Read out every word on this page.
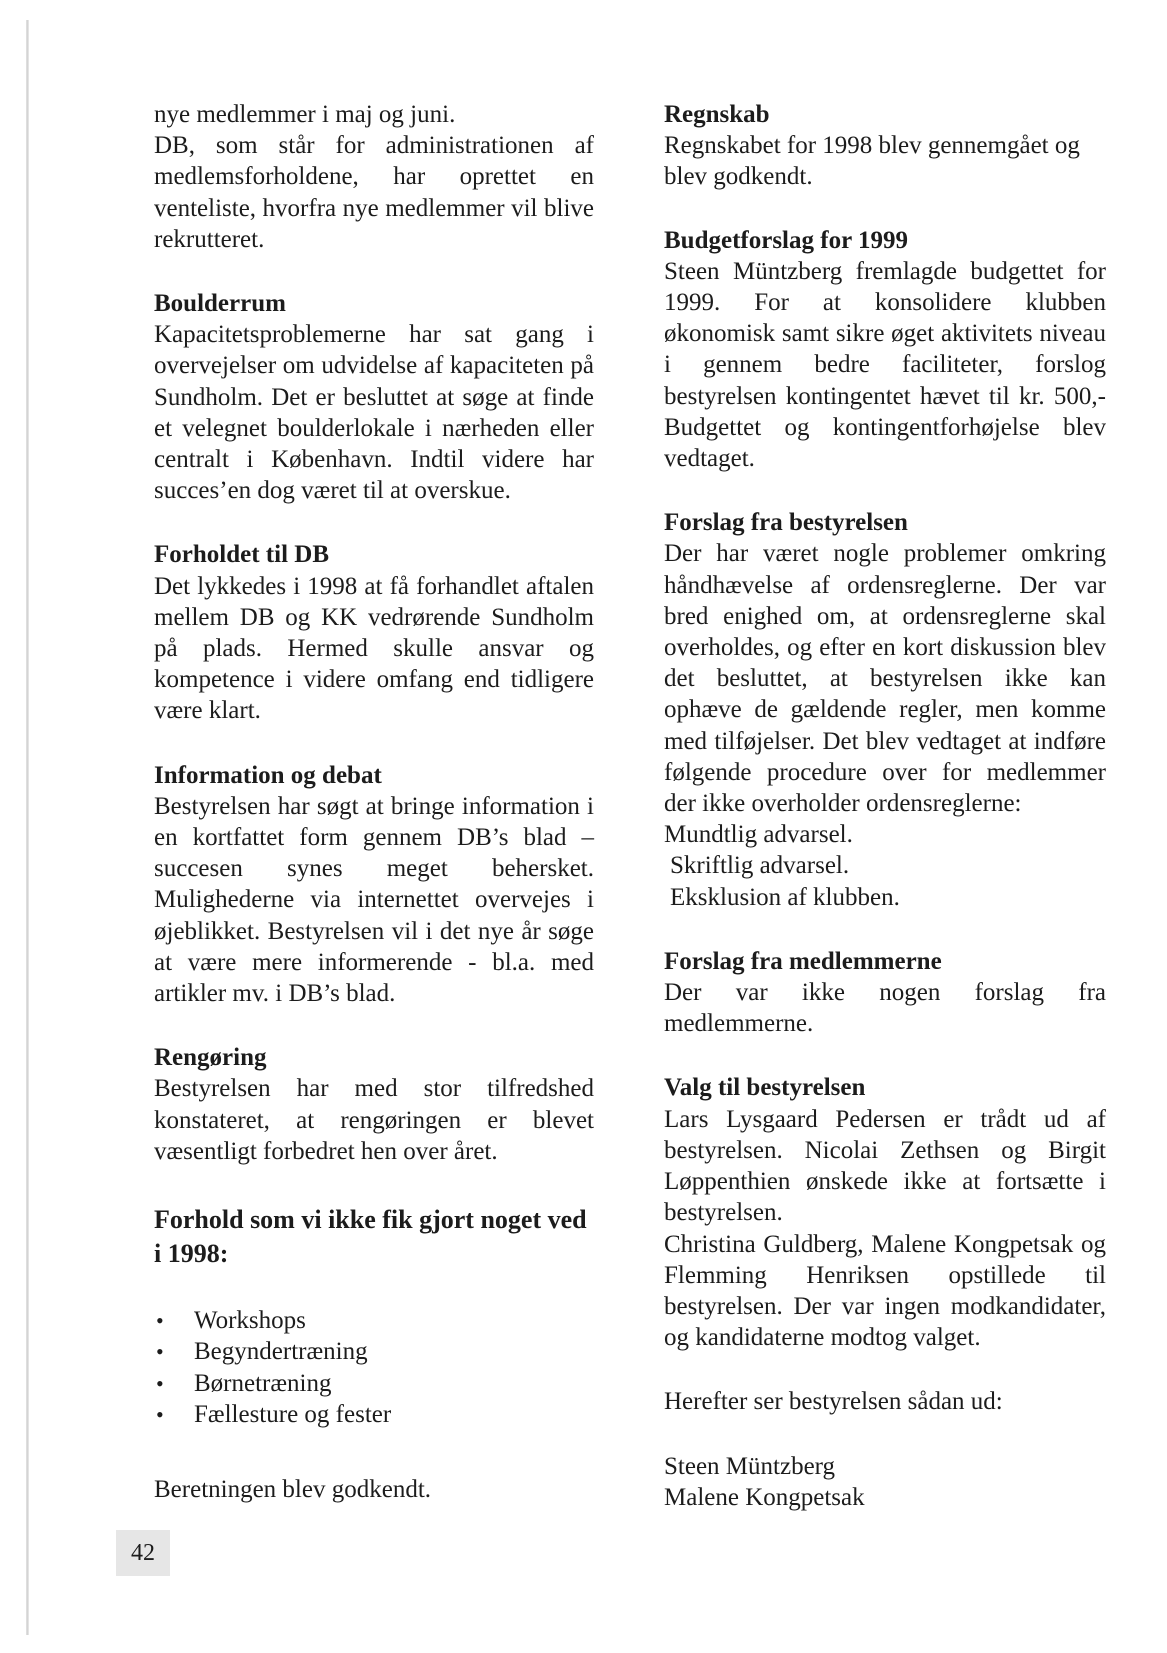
nye medlemmer i maj og juni.

DB, som står for administrationen af medlemsforholdene, har oprettet en venteliste, hvorfra nye medlemmer vil blive rekrutteret.

Boulderrum

Kapacitetsproblemerne har sat gang i overvejelser om udvidelse af kapaciteten på Sundholm. Det er besluttet at søge at finde et velegnet boulderlokale i nærheden eller centralt i København. Indtil videre har succes’en dog været til at overskue.

Forholdet til DB

Det lykkedes i 1998 at få forhandlet aftalen mellem DB og KK vedrørende Sundholm på plads. Hermed skulle ansvar og kompetence i videre omfang end tidligere være klart.

Information og debat

Bestyrelsen har søgt at bringe information i en kortfattet form gennem DB’s blad – succesen synes meget behersket. Mulighederne via internettet overvejes i øjeblikket. Bestyrelsen vil i det nye år søge at være mere informerende - bl.a. med artikler mv. i DB’s blad.

Rengøring

Bestyrelsen har med stor tilfredshed konstateret, at rengøringen er blevet væsentligt forbedret hen over året.

Forhold som vi ikke fik gjort noget ved i 1998:
• Workshops
• Begyndertræning
• Børnetræning
• Fællesture og fester

Beretningen blev godkendt.

Regnskab

Regnskabet for 1998 blev gennemgået og blev godkendt.

Budgetforslag for 1999

Steen Müntzberg fremlagde budgettet for 1999. For at konsolidere klubben økonomisk samt sikre øget aktivitets niveau i gennem bedre faciliteter, forslog bestyrelsen kontingentet hævet til kr. 500,- Budgettet og kontingentforhøjelse blev vedtaget.

Forslag fra bestyrelsen

Der har været nogle problemer omkring håndhævelse af ordensreglerne. Der var bred enighed om, at ordensreglerne skal overholdes, og efter en kort diskussion blev det besluttet, at bestyrelsen ikke kan ophæve de gældende regler, men komme med tilføjelser. Det blev vedtaget at indføre følgende procedure over for medlemmer der ikke overholder ordensreglerne:

Mundtlig advarsel.

Skriftlig advarsel.

Eksklusion af klubben.

Forslag fra medlemmerne

Der var ikke nogen forslag fra medlemmerne.

Valg til bestyrelsen

Lars Lysgaard Pedersen er trådt ud af bestyrelsen. Nicolai Zethsen og Birgit Løppenthien ønskede ikke at fortsætte i bestyrelsen.

Christina Guldberg, Malene Kongpetsak og Flemming Henriksen opstillede til bestyrelsen. Der var ingen modkandidater, og kandidaterne modtog valget.

Herefter ser bestyrelsen sådan ud:

Steen Müntzberg

Malene Kongpetsak

42
